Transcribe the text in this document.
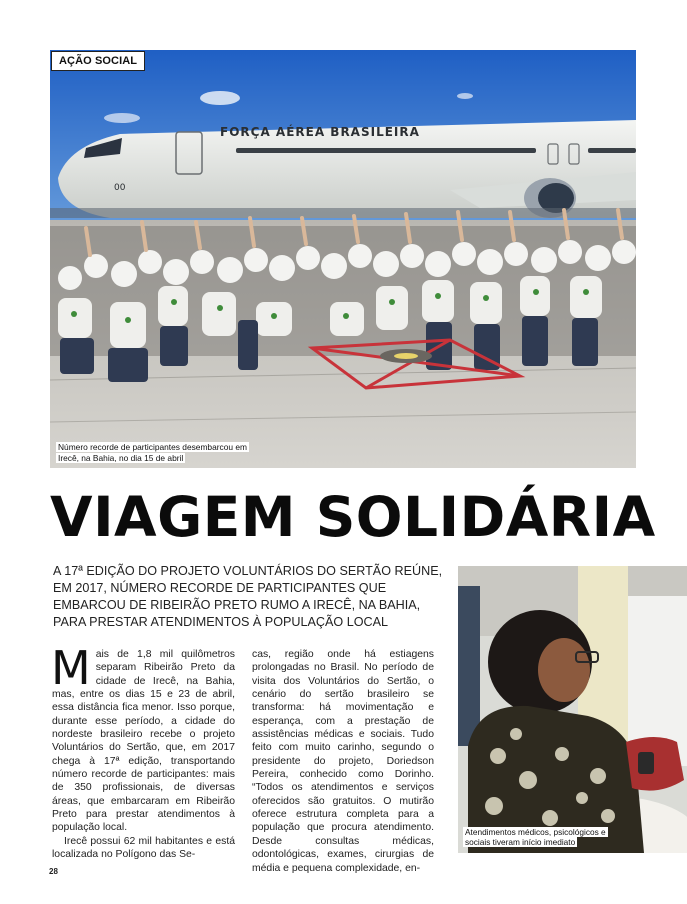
FORÇA AÉREA BRASILEIRA
00
AÇÃO SOCIAL
Número recorde de participantes desembarcou em Irecê, na Bahia, no dia 15 de abril
VIAGEM SOLIDÁRIA
A 17ª EDIÇÃO DO PROJETO VOLUNTÁRIOS DO SERTÃO REÚNE, EM 2017, NÚMERO RECORDE DE PARTICIPANTES QUE EMBARCOU DE RIBEIRÃO PRETO RUMO A IRECÊ, NA BAHIA, PARA PRESTAR ATENDIMENTOS À POPULAÇÃO LOCAL

Mais de 1,8 mil quilômetros separam Ribeirão Preto da cidade de Irecê, na Bahia, mas, entre os dias 15 e 23 de abril, essa distância fica menor. Isso porque, durante esse período, a cidade do nordeste brasileiro recebe o projeto Voluntários do Sertão, que, em 2017 chega à 17ª edição, transportando número recorde de participantes: mais de 350 profissionais, de diversas áreas, que embarcaram em Ribeirão Preto para prestar atendimentos à população local.

Irecê possui 62 mil habitantes e está localizada no Polígono das Se-

cas, região onde há estiagens prolongadas no Brasil. No período de visita dos Voluntários do Sertão, o cenário do sertão brasileiro se transforma: há movimentação e esperança, com a prestação de assistências médicas e sociais. Tudo feito com muito carinho, segundo o presidente do projeto, Doriedson Pereira, conhecido como Dorinho. “Todos os atendimentos e serviços oferecidos são gratuitos. O mutirão oferece estrutura completa para a população que procura atendimento. Desde consultas médicas, odontológicas, exames, cirurgias de média e pequena complexidade, en-

Atendimentos médicos, psicológicos e sociais tiveram início imediato
28
